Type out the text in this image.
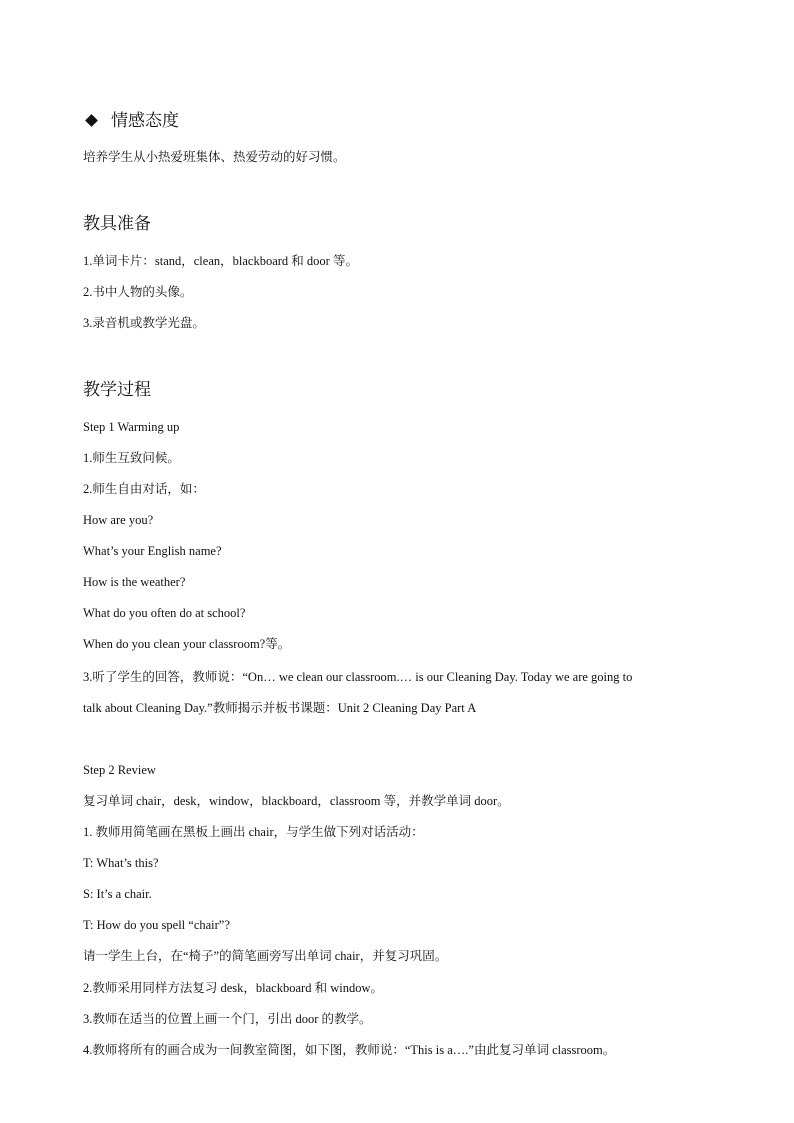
情感态度
培养学生从小热爱班集体、热爱劳动的好习惯。
教具准备
1.单词卡片：stand，clean，blackboard 和 door 等。
2.书中人物的头像。
3.录音机或教学光盘。
教学过程
Step 1 Warming up
1.师生互致问候。
2.师生自由对话，如：
How are you?
What’s your English name?
How is the weather?
What do you often do at school?
When do you clean your classroom?等。
3.听了学生的回答，教师说：“On… we clean our classroom.… is our Cleaning Day. Today we are going to
talk about Cleaning Day.”教师揭示并板书课题：Unit 2 Cleaning Day Part A
Step 2 Review
复习单词 chair，desk，window，blackboard，classroom 等，并教学单词 door。
1. 教师用简笔画在黑板上画出 chair，与学生做下列对话活动：
T: What’s this?
S: It’s a chair.
T: How do you spell “chair”?
请一学生上台，在“椅子”的简笔画旁写出单词 chair，并复习巩固。
2.教师采用同样方法复习 desk，blackboard 和 window。
3.教师在适当的位置上画一个门，引出 door 的教学。
4.教师将所有的画合成为一间教室简图，如下图，教师说：“This is a….”由此复习单词 classroom。
